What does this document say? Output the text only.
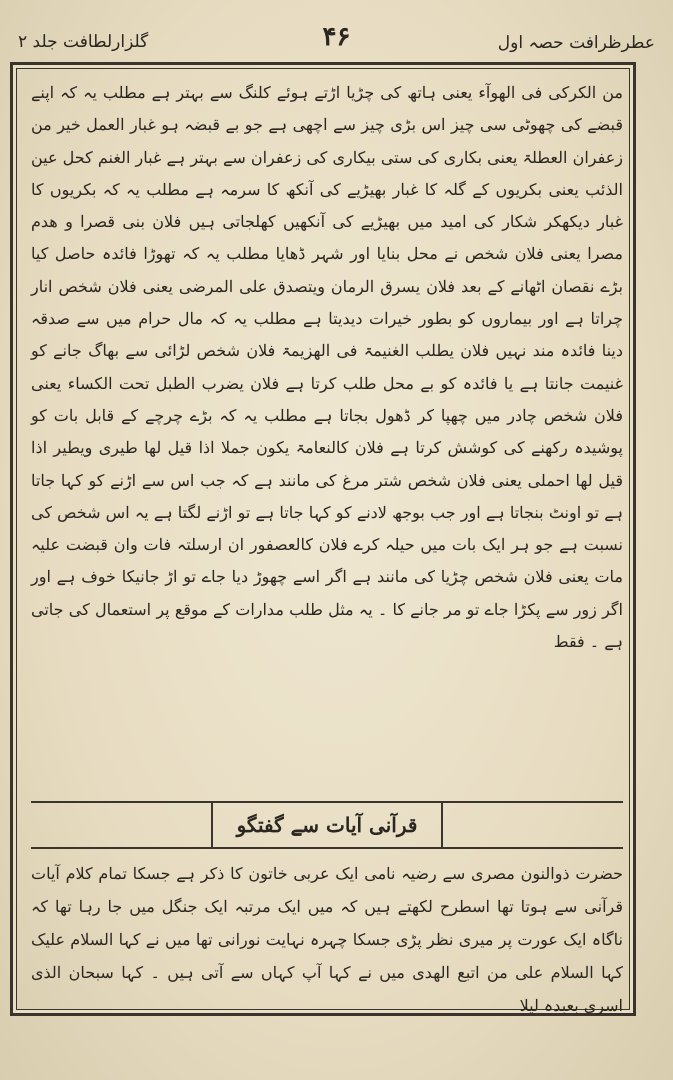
عطرظرافت حصہ اول
۴۶
گلزارلطافت جلد ۲

من الکرکی فی الھوآء یعنی ہاتھ کی چڑیا اڑتے ہوئے کلنگ سے بہتر ہے مطلب یہ کہ اپنے قبضے کی چھوٹی سی چیز اس بڑی چیز سے اچھی ہے جو بے قبضہ ہو غبار العمل خیر من زعفران العطلۃ یعنی بکاری کی ستی بیکاری کی زعفران سے بہتر ہے غبار الغنم کحل عین الذئب یعنی بکریوں کے گلہ کا غبار بھیڑیے کی آنکھ کا سرمہ ہے مطلب یہ کہ بکریوں کا غبار دیکھکر شکار کی امید میں بھیڑیے کی آنکھیں کھلجاتی ہیں فلان بنی قصرا و ھدم مصرا یعنی فلان شخص نے محل بنایا اور شہر ڈھایا مطلب یہ کہ تھوڑا فائدہ حاصل کیا بڑے نقصان اٹھانے کے بعد فلان یسرق الرمان ویتصدق علی المرضی یعنی فلان شخص انار چراتا ہے اور بیماروں کو بطور خیرات دیدیتا ہے مطلب یہ کہ مال حرام میں سے صدقہ دینا فائدہ مند نہیں فلان یطلب الغنیمۃ فی الھزیمۃ فلان شخص لڑائی سے بھاگ جانے کو غنیمت جانتا ہے یا فائدہ کو بے محل طلب کرتا ہے فلان یضرب الطبل تحت الکساء یعنی فلان شخص چادر میں چھپا کر ڈھول بجاتا ہے مطلب یہ کہ بڑے چرچے کے قابل بات کو پوشیدہ رکھنے کی کوشش کرتا ہے فلان کالنعامۃ یکون جملا اذا قیل لھا طیری ویطیر اذا قیل لھا احملی یعنی فلان شخص شتر مرغ کی مانند ہے کہ جب اس سے اڑنے کو کہا جاتا ہے تو اونٹ بنجاتا ہے اور جب بوجھ لادنے کو کہا جاتا ہے تو اڑنے لگتا ہے یہ اس شخص کی نسبت ہے جو ہر ایک بات میں حیلہ کرے فلان کالعصفور ان ارسلتہ فات وان قبضت علیہ مات یعنی فلان شخص چڑیا کی مانند ہے اگر اسے چھوڑ دیا جاے تو اڑ جانیکا خوف ہے اور اگر زور سے پکڑا جاے تو مر جانے کا ۔ یہ مثل طلب مدارات کے موقع پر استعمال کی جاتی ہے ۔ فقط

قرآنی آیات سے گفتگو

حضرت ذوالنون مصری سے رضیہ نامی ایک عربی خاتون کا ذکر ہے جسکا تمام کلام آیات قرآنی سے ہوتا تھا اسطرح لکھتے ہیں کہ میں ایک مرتبہ ایک جنگل میں جا رہا تھا کہ ناگاہ ایک عورت پر میری نظر پڑی جسکا چہرہ نہایت نورانی تھا میں نے کہا السلام علیک کہا السلام علی من اتبع الھدی میں نے کہا آپ کہاں سے آتی ہیں ۔ کہا سبحان الذی اسری بعبدہ لیلا
